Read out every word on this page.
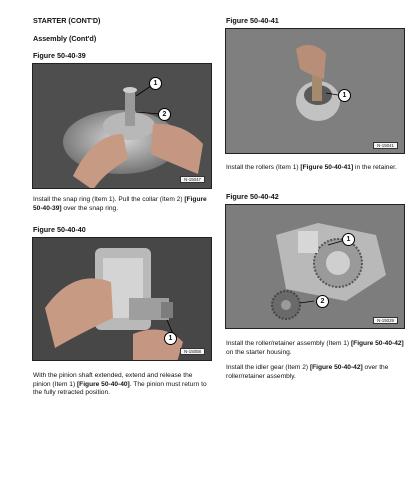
STARTER (CONT'D)
Assembly (Cont'd)
Figure 50-40-39
1
2
N-15047
Install the snap ring (Item 1). Pull the collar (Item 2) [Figure 50-40-39] over the snap ring.
Figure 50-40-40
1
N-15058
With the pinion shaft extended, extend and release the pinion (Item 1) [Figure 50-40-40]. The pinion must return to the fully retracted position.
Figure 50-40-41
1
N-15041
Install the rollers (Item 1) [Figure 50-40-41] in the retainer.
Figure 50-40-42
1
2
N-15029
Install the roller/retainer assembly (Item 1) [Figure 50-40-42] on the starter housing.
Install the idler gear (Item 2) [Figure 50-40-42] over the roller/retainer assembly.
